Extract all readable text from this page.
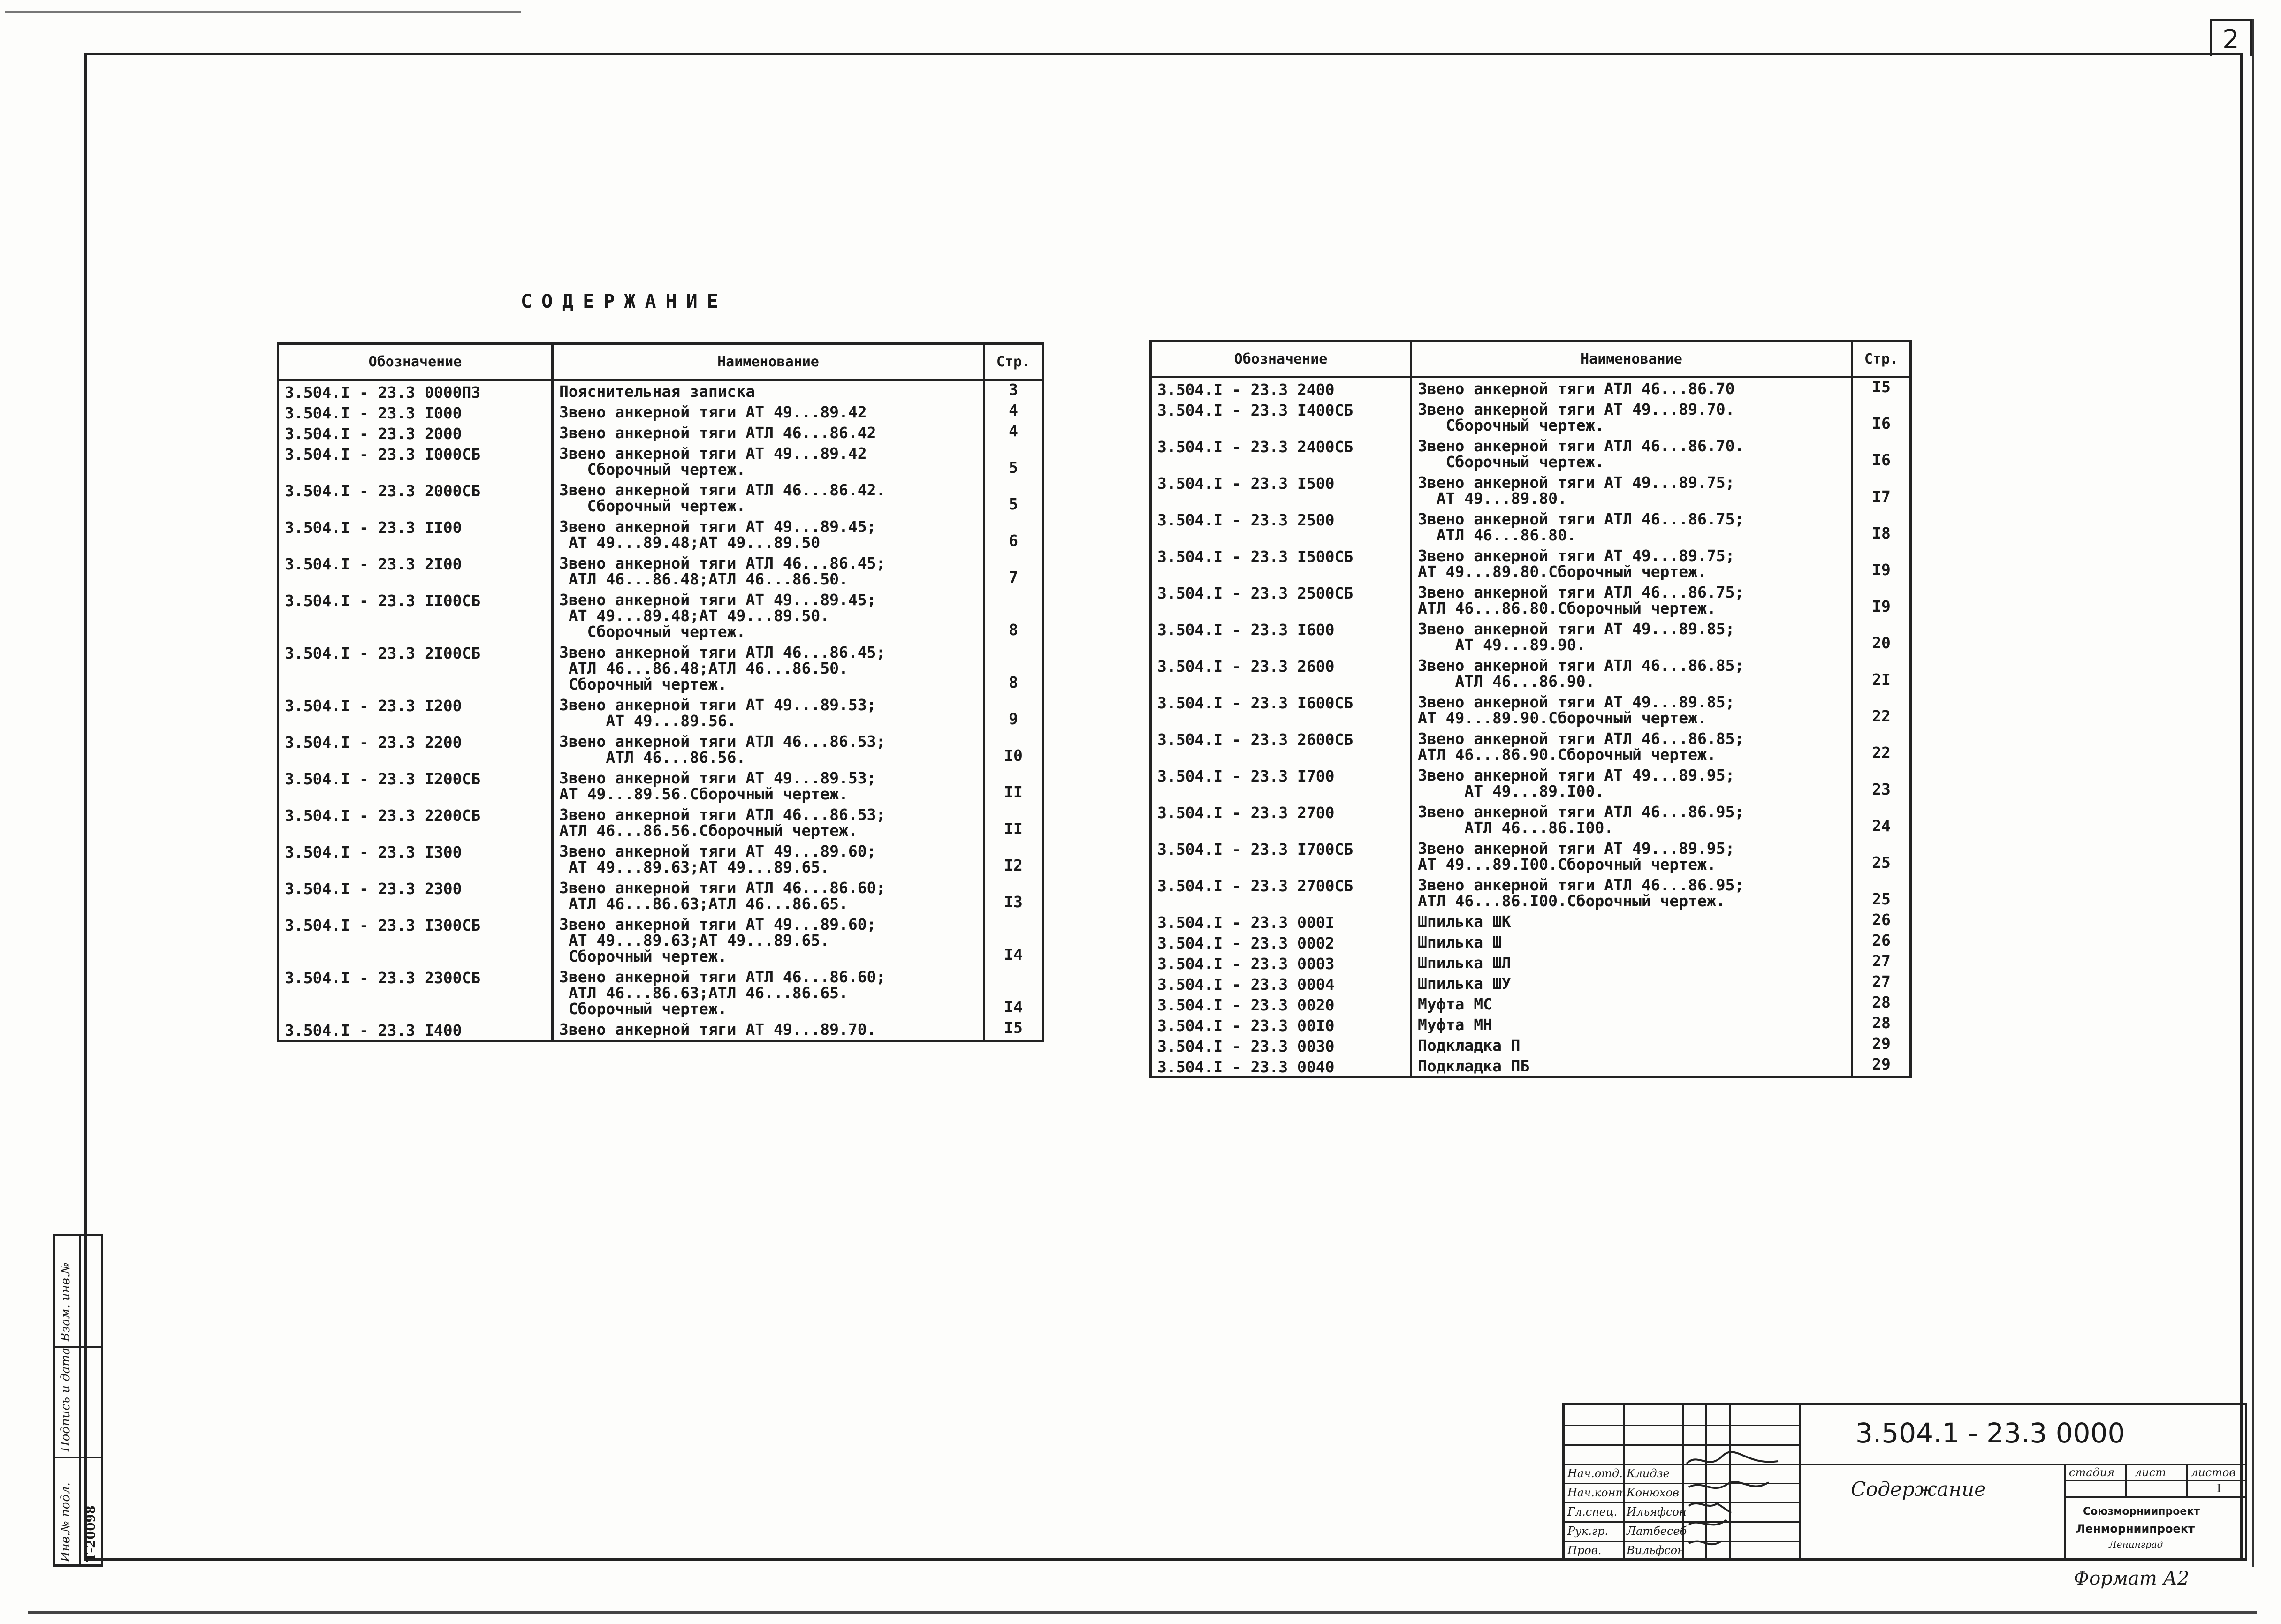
2
СОДЕРЖАНИЕ
Обозначение	Наименование	Стр.
3.504.I - 23.3 0000ПЗ	Пояснительная записка	3
3.504.I - 23.3 I000	Звено анкерной тяги АТ 49...89.42	4
3.504.I - 23.3 2000	Звено анкерной тяги АТЛ 46...86.42	4
3.504.I - 23.3 I000СБ	Звено анкерной тяги АТ 49...89.42
Сборочный чертеж.	5
3.504.I - 23.3 2000СБ	Звено анкерной тяги АТЛ 46...86.42.
Сборочный чертеж.	5
3.504.I - 23.3 II00	Звено анкерной тяги АТ 49...89.45;
AТ 49...89.48;АТ 49...89.50	6
3.504.I - 23.3 2I00	Звено анкерной тяги АТЛ 46...86.45;
АТЛ 46...86.48;АТЛ 46...86.50.	7
3.504.I - 23.3 II00СБ	Звено анкерной тяги АТ 49...89.45;
АТ 49...89.48;АТ 49...89.50.
Сборочный чертеж.	8
3.504.I - 23.3 2I00СБ	Звено анкерной тяги АТЛ 46...86.45;
АТЛ 46...86.48;АТЛ 46...86.50.
Сборочный чертеж.	8
3.504.I - 23.3 I200	Звено анкерной тяги АТ 49...89.53;
АТ 49...89.56.	9
3.504.I - 23.3 2200	Звено анкерной тяги АТЛ 46...86.53;
АТЛ 46...86.56.	I0
3.504.I - 23.3 I200СБ	Звено анкерной тяги АТ 49...89.53;
АТ 49...89.56.Сборочный чертеж.	II
3.504.I - 23.3 2200СБ	Звено анкерной тяги АТЛ 46...86.53;
АТЛ 46...86.56.Сборочный чертеж.	II
3.504.I - 23.3 I300	Звено анкерной тяги АТ 49...89.60;
АТ 49...89.63;АТ 49...89.65.	I2
3.504.I - 23.3 2300	Звено анкерной тяги АТЛ 46...86.60;
АТЛ 46...86.63;АТЛ 46...86.65.	I3
3.504.I - 23.3 I300СБ	Звено анкерной тяги АТ 49...89.60;
АТ 49...89.63;АТ 49...89.65.
Сборочный чертеж.	I4
3.504.I - 23.3 2300СБ	Звено анкерной тяги АТЛ 46...86.60;
АТЛ 46...86.63;АТЛ 46...86.65.
Сборочный чертеж.	I4
3.504.I - 23.3 I400	Звено анкерной тяги АТ 49...89.70.	I5
Обозначение	Наименование	Стр.
3.504.I - 23.3 2400	Звено анкерной тяги АТЛ 46...86.70	I5
3.504.I - 23.3 I400СБ	Звено анкерной тяги АТ 49...89.70.
Сборочный чертеж.	I6
3.504.I - 23.3 2400СБ	Звено анкерной тяги АТЛ 46...86.70.
Сборочный чертеж.	I6
3.504.I - 23.3 I500	Звено анкерной тяги АТ 49...89.75;
АТ 49...89.80.	I7
3.504.I - 23.3 2500	Звено анкерной тяги АТЛ 46...86.75;
АТЛ 46...86.80.	I8
3.504.I - 23.3 I500СБ	Звено анкерной тяги АТ 49...89.75;
АТ 49...89.80.Сборочный чертеж.	I9
3.504.I - 23.3 2500СБ	Звено анкерной тяги АТЛ 46...86.75;
АТЛ 46...86.80.Сборочный чертеж.	I9
3.504.I - 23.3 I600	Звено анкерной тяги АТ 49...89.85;
АТ 49...89.90.	20
3.504.I - 23.3 2600	Звено анкерной тяги АТЛ 46...86.85;
АТЛ 46...86.90.	2I
3.504.I - 23.3 I600СБ	Звено анкерной тяги АТ 49...89.85;
АТ 49...89.90.Сборочный чертеж.	22
3.504.I - 23.3 2600СБ	Звено анкерной тяги АТЛ 46...86.85;
АТЛ 46...86.90.Сборочный чертеж.	22
3.504.I - 23.3 I700	Звено анкерной тяги АТ 49...89.95;
АТ 49...89.I00.	23
3.504.I - 23.3 2700	Звено анкерной тяги АТЛ 46...86.95;
АТЛ 46...86.I00.	24
3.504.I - 23.3 I700СБ	Звено анкерной тяги АТ 49...89.95;
АТ 49...89.I00.Сборочный чертеж.	25
3.504.I - 23.3 2700СБ	Звено анкерной тяги АТЛ 46...86.95;
АТЛ 46...86.I00.Сборочный чертеж.	25
3.504.I - 23.3 000I	Шпилька ШК	26
3.504.I - 23.3 0002	Шпилька Ш	26
3.504.I - 23.3 0003	Шпилька ШЛ	27
3.504.I - 23.3 0004	Шпилька ШУ	27
3.504.I - 23.3 0020	Муфта МС	28
3.504.I - 23.3 00I0	Муфта МН	28
3.504.I - 23.3 0030	Подкладка П	29
3.504.I - 23.3 0040	Подкладка ПБ	29
Нач.отд.
Нач.конт.
Гл.спец.
Рук.гр.
Пров.
Клидзе
Конюхов
Ильяфсон
Латбесеб
Вильфсон
3.504.1 - 23.3 0000
Содержание
стадия лист листов
I
Союзморниипроект
Ленморниипроект
Ленинград
Взам. инв.№
Подпись и дата
Инв.№ подл. Т-20098
Формат А2
